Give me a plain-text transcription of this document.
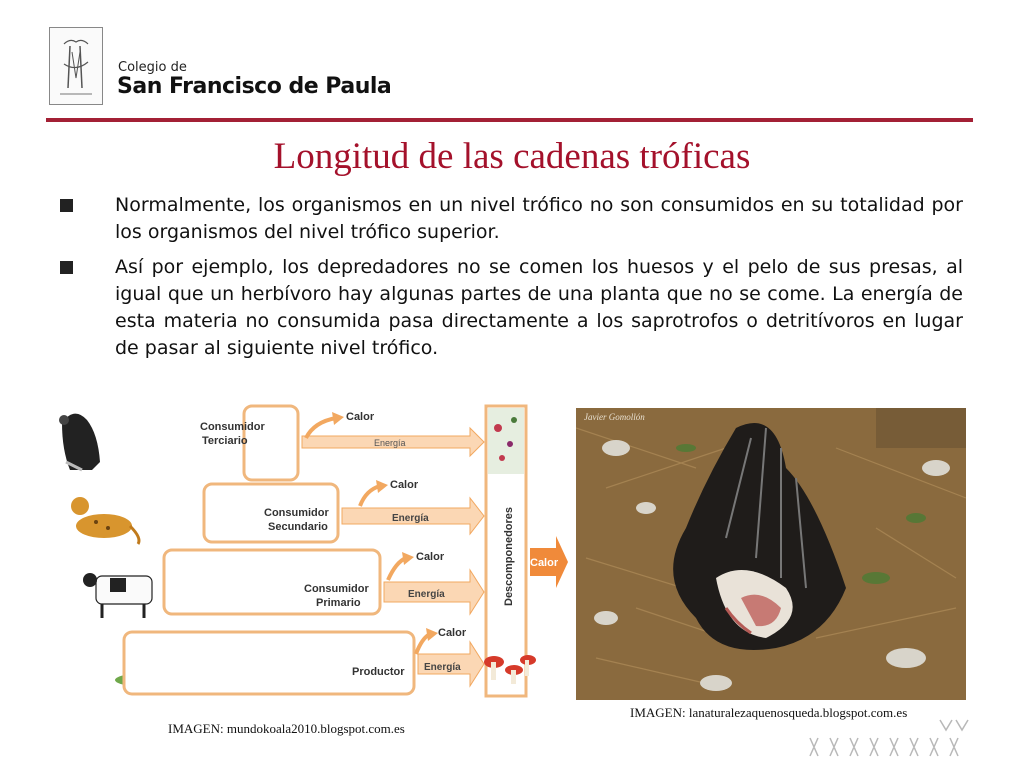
Colegio de
San Francisco de Paula
Longitud de las cadenas tróficas
Normalmente, los organismos en un nivel trófico no son consumidos en su totalidad por los organismos del nivel trófico superior.
Así por ejemplo, los depredadores no se comen los huesos y el pelo de sus presas, al igual que un herbívoro hay algunas partes de una planta que no se come. La energía de esta materia no consumida pasa directamente a los saprotrofos o detritívoros en lugar de pasar al siguiente nivel trófico.
Consumidor
Terciario
Consumidor
Secundario
Consumidor
Primario
Productor
Energía
Energía
Energía
Energía
Calor
Calor
Calor
Calor
Descomponedores Calor
Javier Gomollón
IMAGEN: lanaturalezaquenosqueda.blogspot.com.es
IMAGEN: mundokoala2010.blogspot.com.es
